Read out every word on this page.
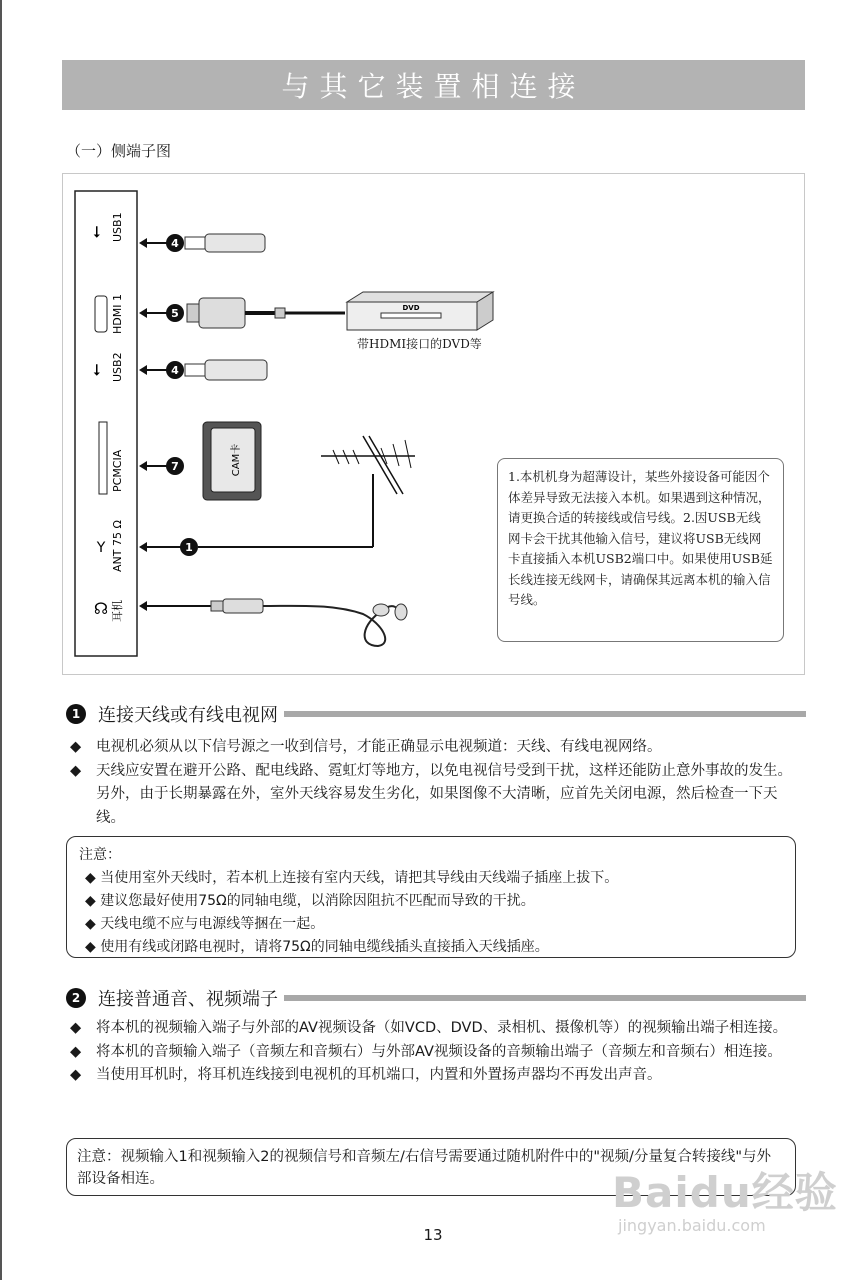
与其它装置相连接
（一）侧端子图
⭠ USB1
4
HDMI 1	5	DVD
⭠ USB2	4
PCMCIA	7	CAM卡
Y ANT 75 Ω	1
☊ 耳机
带HDMI接口的DVD等
1.本机机身为超薄设计，某些外接设备可能因个体差异导致无法接入本机。如果遇到这种情况，请更换合适的转接线或信号线。2.因USB无线网卡会干扰其他输入信号，建议将USB无线网卡直接插入本机USB2端口中。如果使用USB延长线连接无线网卡，请确保其远离本机的输入信号线。
1 连接天线或有线电视网
◆	电视机必须从以下信号源之一收到信号，才能正确显示电视频道：天线、有线电视网络。
◆	天线应安置在避开公路、配电线路、霓虹灯等地方，以免电视信号受到干扰，这样还能防止意外事故的发生。另外，由于长期暴露在外，室外天线容易发生劣化，如果图像不大清晰，应首先关闭电源，然后检查一下天线。
注意：
◆ 当使用室外天线时，若本机上连接有室内天线，请把其导线由天线端子插座上拔下。
◆ 建议您最好使用75Ω的同轴电缆，以消除因阻抗不匹配而导致的干扰。
◆ 天线电缆不应与电源线等捆在一起。
◆ 使用有线或闭路电视时，请将75Ω的同轴电缆线插头直接插入天线插座。
2 连接普通音、视频端子
◆	将本机的视频输入端子与外部的AV视频设备（如VCD、DVD、录相机、摄像机等）的视频输出端子相连接。
◆	将本机的音频输入端子（音频左和音频右）与外部AV视频设备的音频输出端子（音频左和音频右）相连接。
◆	当使用耳机时，将耳机连线接到电视机的耳机端口，内置和外置扬声器均不再发出声音。
注意：视频输入1和视频输入2的视频信号和音频左/右信号需要通过随机附件中的"视频/分量复合转接线"与外部设备相连。	Baidu经验
jingyan.baidu.com
13
